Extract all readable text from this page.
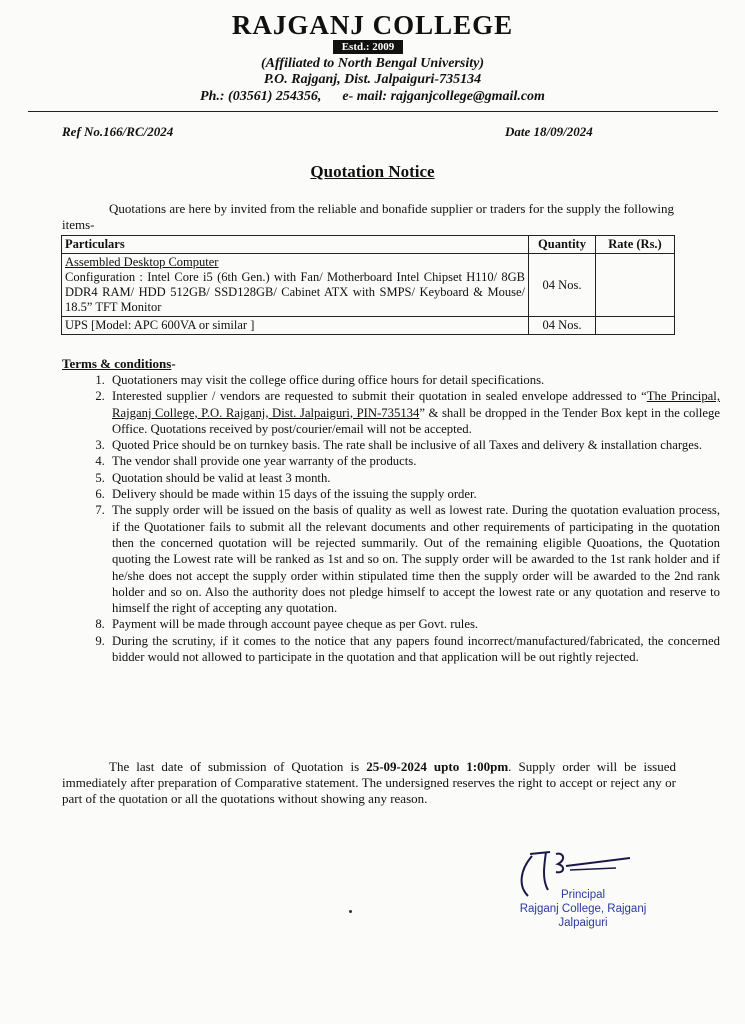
RAJGANJ COLLEGE
Estd.: 2009
(Affiliated to North Bengal University)
P.O. Rajganj, Dist. Jalpaiguri-735134
Ph.: (03561) 254356, e- mail: rajganjcollege@gmail.com
Ref No.166/RC/2024	Date 18/09/2024
Quotation Notice
Quotations are here by invited from the reliable and bonafide supplier or traders for the supply the following items-
Particulars	Quantity	Rate (Rs.)

Assembled Desktop Computer
Configuration : Intel Core i5 (6th Gen.) with Fan/ Motherboard Intel Chipset H110/ 8GB DDR4 RAM/ HDD 512GB/ SSD128GB/ Cabinet ATX with SMPS/ Keyboard & Mouse/ 18.5” TFT Monitor	04 Nos.	

UPS [Model: APC 600VA or similar ]	04 Nos.	
Terms & conditions-
1. Quotationers may visit the college office during office hours for detail specifications.
2. Interested supplier / vendors are requested to submit their quotation in sealed envelope addressed to “The Principal, Rajganj College, P.O. Rajganj, Dist. Jalpaiguri, PIN-735134” & shall be dropped in the Tender Box kept in the college Office. Quotations received by post/courier/email will not be accepted.
3. Quoted Price should be on turnkey basis. The rate shall be inclusive of all Taxes and delivery & installation charges.
4. The vendor shall provide one year warranty of the products.
5. Quotation should be valid at least 3 month.
6. Delivery should be made within 15 days of the issuing the supply order.
7. The supply order will be issued on the basis of quality as well as lowest rate. During the quotation evaluation process, if the Quotationer fails to submit all the relevant documents and other requirements of participating in the quotation then the concerned quotation will be rejected summarily. Out of the remaining eligible Quoations, the Quotation quoting the Lowest rate will be ranked as 1st and so on. The supply order will be awarded to the 1st rank holder and if he/she does not accept the supply order within stipulated time then the supply order will be awarded to the 2nd rank holder and so on. Also the authority does not pledge himself to accept the lowest rate or any quotation and reserve to himself the right of accepting any quotation.
8. Payment will be made through account payee cheque as per Govt. rules.
9. During the scrutiny, if it comes to the notice that any papers found incorrect/manufactured/fabricated, the concerned bidder would not allowed to participate in the quotation and that application will be out rightly rejected.
The last date of submission of Quotation is 25-09-2024 upto 1:00pm. Supply order will be issued immediately after preparation of Comparative statement. The undersigned reserves the right to accept or reject any or part of the quotation or all the quotations without showing any reason.
Principal
Rajganj College, Rajganj
Jalpaiguri
